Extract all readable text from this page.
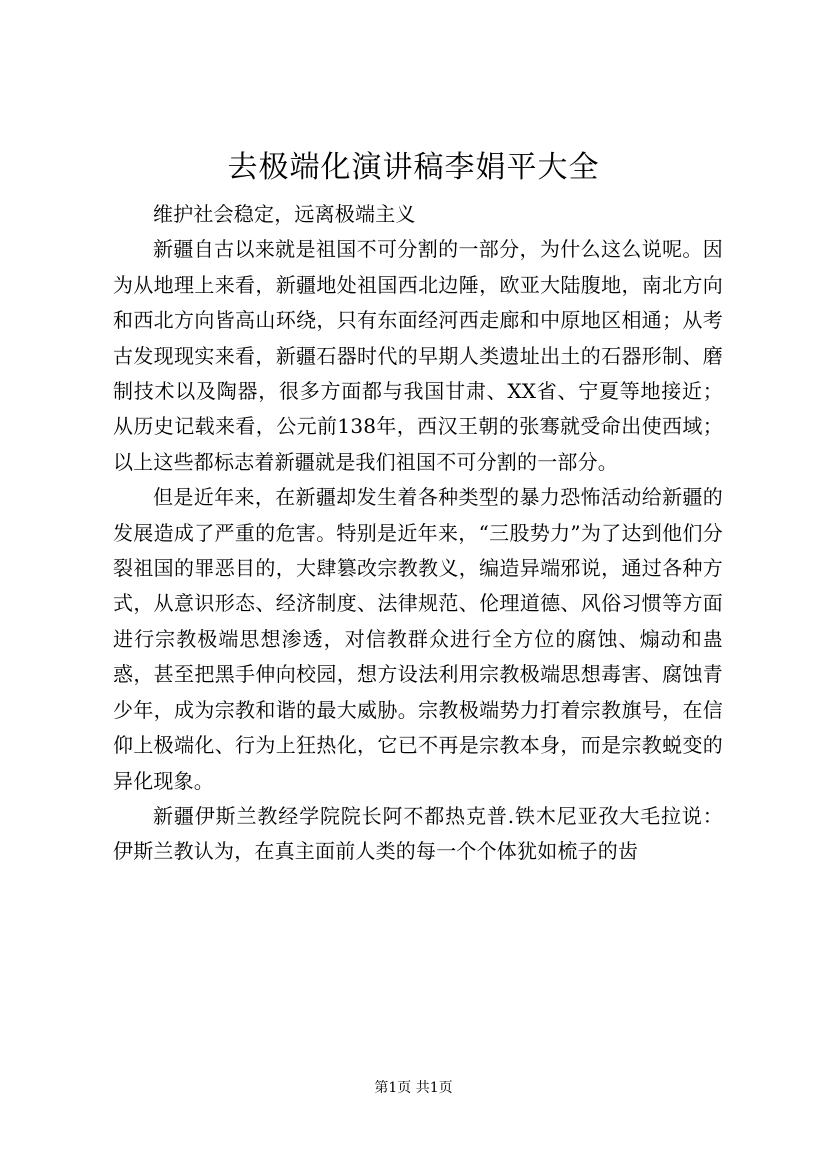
去极端化演讲稿李娟平大全

维护社会稳定，远离极端主义

新疆自古以来就是祖国不可分割的一部分，为什么这么说呢。因为从地理上来看，新疆地处祖国西北边陲，欧亚大陆腹地，南北方向和西北方向皆高山环绕，只有东面经河西走廊和中原地区相通；从考古发现现实来看，新疆石器时代的早期人类遗址出土的石器形制、磨制技术以及陶器，很多方面都与我国甘肃、XX省、宁夏等地接近；从历史记载来看，公元前138年，西汉王朝的张骞就受命出使西域；以上这些都标志着新疆就是我们祖国不可分割的一部分。

但是近年来，在新疆却发生着各种类型的暴力恐怖活动给新疆的发展造成了严重的危害。特别是近年来，“三股势力”为了达到他们分裂祖国的罪恶目的，大肆篡改宗教教义，编造异端邪说，通过各种方式，从意识形态、经济制度、法律规范、伦理道德、风俗习惯等方面进行宗教极端思想渗透，对信教群众进行全方位的腐蚀、煽动和蛊惑，甚至把黑手伸向校园，想方设法利用宗教极端思想毒害、腐蚀青少年，成为宗教和谐的最大威胁。宗教极端势力打着宗教旗号，在信仰上极端化、行为上狂热化，它已不再是宗教本身，而是宗教蜕变的异化现象。

新疆伊斯兰教经学院院长阿不都热克普.铁木尼亚孜大毛拉说：伊斯兰教认为，在真主面前人类的每一个个体犹如梳子的齿

第1页 共1页
